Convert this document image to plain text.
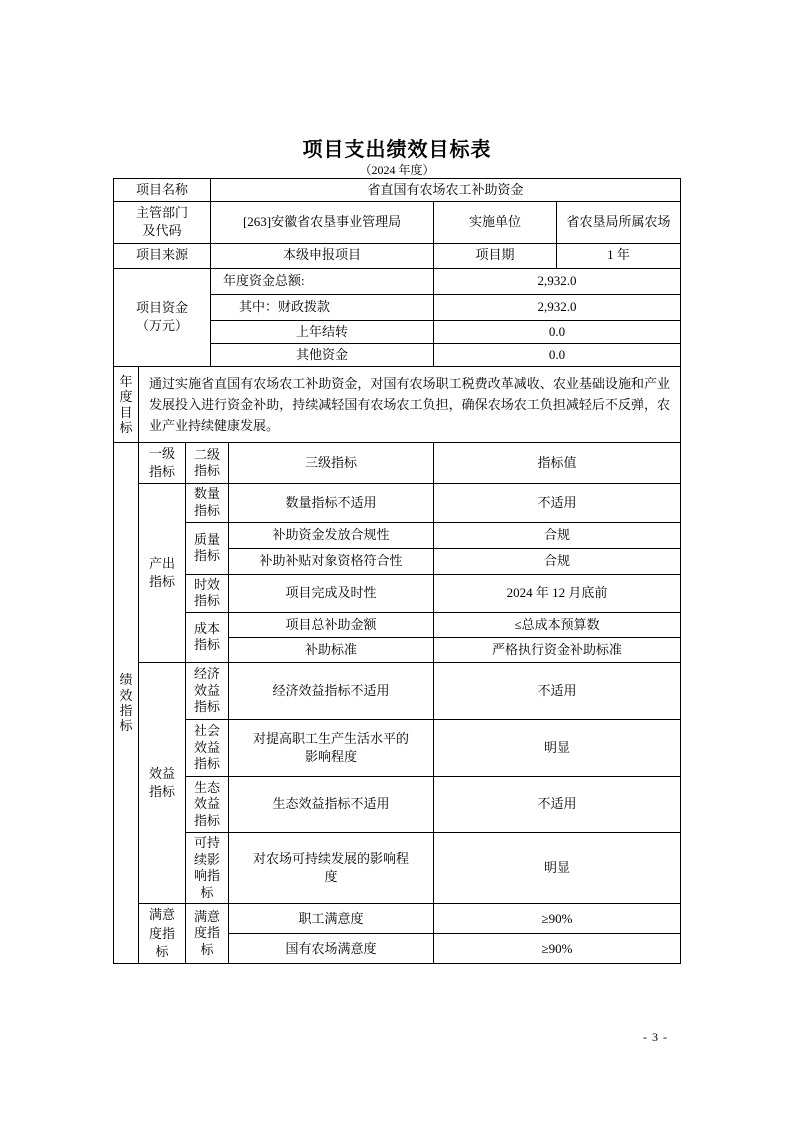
项目支出绩效目标表
（2024 年度）
项目名称			省直国有农场农工补助资金			

主管部门
及代码			[263]安徽省农垦事业管理局		实施单位	省农垦局所属农场
项目来源			本级申报项目		项目期	1 年

项目资金
（万元）			年度资金总额:		2,932.0	
			其中：财政拨款		2,932.0	
			上年结转		0.0	
			其他资金		0.0	
年度目标	通过实施省直国有农场农工补助资金，对国有农场职工税费改革减收、农业基础设施和产业发展投入进行资金补助，持续减轻国有农场农工负担，确保农场农工负担减轻后不反弹，农业产业持续健康发展。					
绩效指标	一级指标	二级指标		三级指标	指标值	
	产出指标	数量指标		数量指标不适用	不适用	
		质量指标		补助资金发放合规性	合规	
				补助补贴对象资格符合性	合规	
		时效指标		项目完成及时性	2024 年 12 月底前	
		成本指标		项目总补助金额	≤总成本预算数	
				补助标准	严格执行资金补助标准	
	效益指标	经济效益指标		经济效益指标不适用	不适用	
		社会效益指标		对提高职工生产生活水平的影响程度	明显	
		生态效益指标		生态效益指标不适用	不适用	
		可持续影响指标		对农场可持续发展的影响程度	明显	
	满意度指标	满意度指标		职工满意度	≥90%	
				国有农场满意度	≥90%	
- 3 -
